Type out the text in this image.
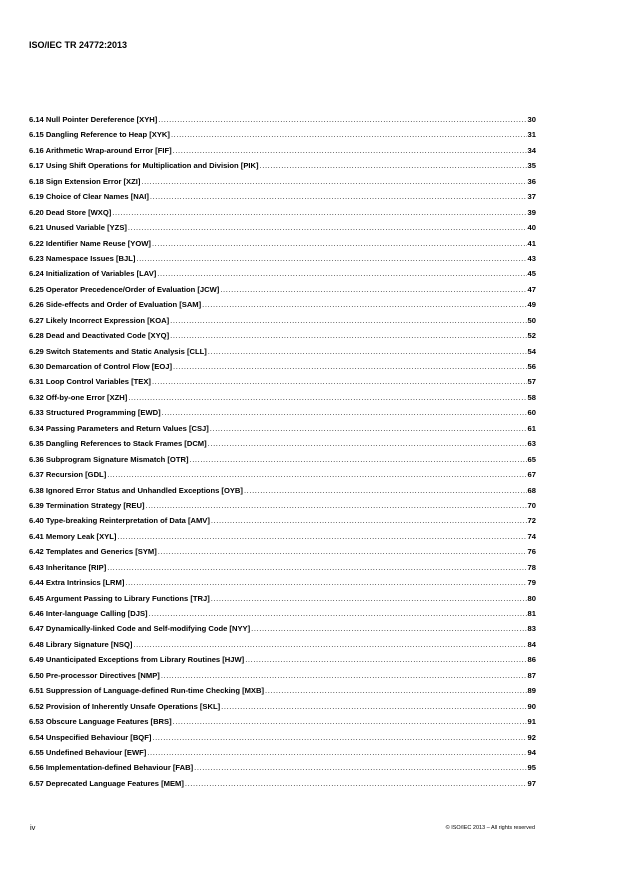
ISO/IEC TR 24772:2013
6.14 Null Pointer Dereference [XYH] .....	30
6.15 Dangling Reference to Heap [XYK] .....	31
6.16 Arithmetic Wrap-around Error [FIF] .....	34
6.17 Using Shift Operations for Multiplication and Division [PIK] .....	35
6.18 Sign Extension Error [XZI] .....	36
6.19 Choice of Clear Names [NAI] .....	37
6.20 Dead Store [WXQ] .....	39
6.21 Unused Variable [YZS] .....	40
6.22 Identifier Name Reuse [YOW] .....	41
6.23 Namespace Issues [BJL] .....	43
6.24 Initialization of Variables [LAV] .....	45
6.25 Operator Precedence/Order of Evaluation [JCW] .....	47
6.26 Side-effects and Order of Evaluation [SAM] .....	49
6.27 Likely Incorrect Expression [KOA] .....	50
6.28 Dead and Deactivated Code [XYQ] .....	52
6.29 Switch Statements and Static Analysis [CLL] .....	54
6.30 Demarcation of Control Flow [EOJ] .....	56
6.31 Loop Control Variables [TEX] .....	57
6.32 Off-by-one Error [XZH] .....	58
6.33 Structured Programming [EWD] .....	60
6.34 Passing Parameters and Return Values [CSJ] .....	61
6.35 Dangling References to Stack Frames [DCM] .....	63
6.36 Subprogram Signature Mismatch [OTR] .....	65
6.37 Recursion [GDL] .....	67
6.38 Ignored Error Status and Unhandled Exceptions [OYB] .....	68
6.39 Termination Strategy [REU] .....	70
6.40 Type-breaking Reinterpretation of Data [AMV] .....	72
6.41 Memory Leak [XYL] .....	74
6.42 Templates and Generics [SYM] .....	76
6.43 Inheritance [RIP] .....	78
6.44 Extra Intrinsics [LRM] .....	79
6.45 Argument Passing to Library Functions [TRJ] .....	80
6.46 Inter-language Calling [DJS] .....	81
6.47 Dynamically-linked Code and Self-modifying Code [NYY] .....	83
6.48 Library Signature [NSQ] .....	84
6.49 Unanticipated Exceptions from Library Routines [HJW] .....	86
6.50 Pre-processor Directives [NMP] .....	87
6.51 Suppression of Language-defined Run-time Checking [MXB] .....	89
6.52 Provision of Inherently Unsafe Operations [SKL] .....	90
6.53 Obscure Language Features [BRS] .....	91
6.54 Unspecified Behaviour [BQF] .....	92
6.55 Undefined Behaviour [EWF] .....	94
6.56 Implementation-defined Behaviour [FAB] .....	95
6.57 Deprecated Language Features [MEM] .....	97
iv	© ISO/IEC 2013 – All rights reserved
